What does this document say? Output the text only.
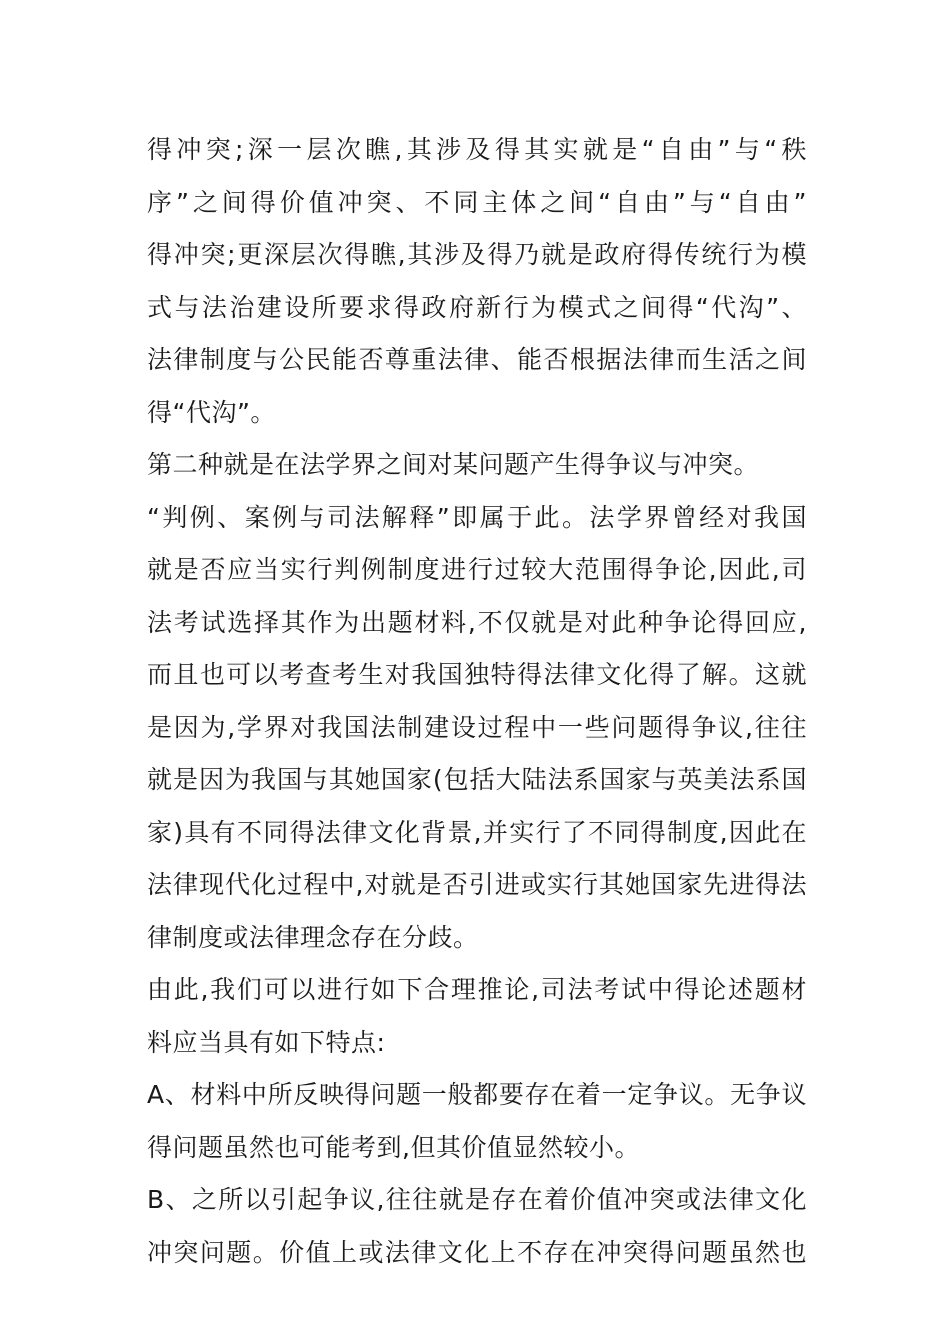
得冲突;深一层次瞧,其涉及得其实就是“自由”与“秩
序”之间得价值冲突、不同主体之间“自由”与“自由”
得冲突;更深层次得瞧,其涉及得乃就是政府得传统行为模
式与法治建设所要求得政府新行为模式之间得“代沟”、
法律制度与公民能否尊重法律、能否根据法律而生活之间
得“代沟”。
第二种就是在法学界之间对某问题产生得争议与冲突。
“判例、案例与司法解释”即属于此。法学界曾经对我国
就是否应当实行判例制度进行过较大范围得争论,因此,司
法考试选择其作为出题材料,不仅就是对此种争论得回应,
而且也可以考查考生对我国独特得法律文化得了解。这就
是因为,学界对我国法制建设过程中一些问题得争议,往往
就是因为我国与其她国家(包括大陆法系国家与英美法系国
家)具有不同得法律文化背景,并实行了不同得制度,因此在
法律现代化过程中,对就是否引进或实行其她国家先进得法
律制度或法律理念存在分歧。
由此,我们可以进行如下合理推论,司法考试中得论述题材
料应当具有如下特点:
A、材料中所反映得问题一般都要存在着一定争议。无争议
得问题虽然也可能考到,但其价值显然较小。
B、之所以引起争议,往往就是存在着价值冲突或法律文化
冲突问题。价值上或法律文化上不存在冲突得问题虽然也
